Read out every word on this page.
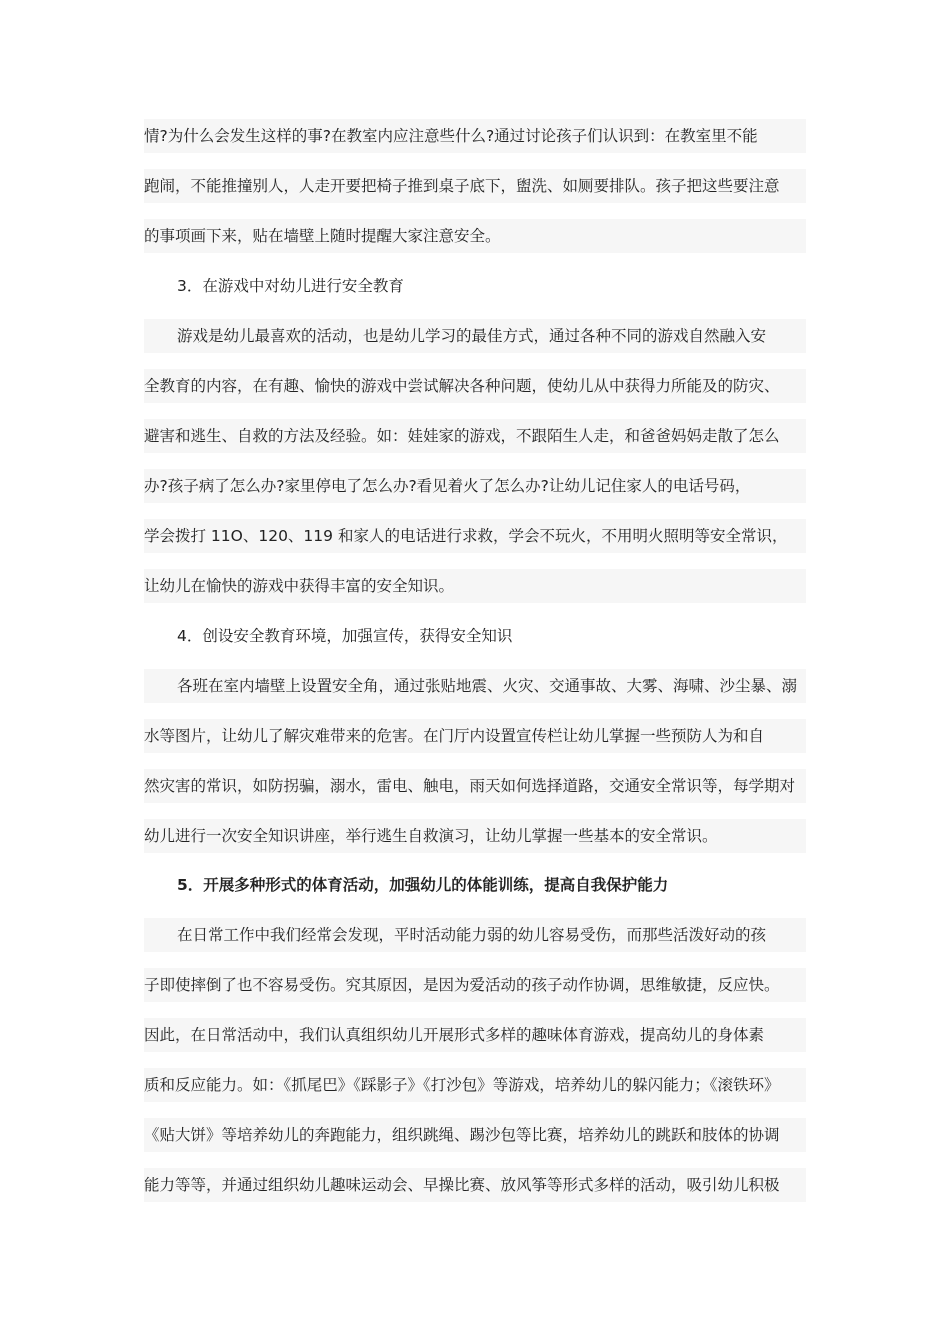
情?为什么会发生这样的事?在教室内应注意些什么?通过讨论孩子们认识到：在教室里不能
跑闹，不能推撞别人，人走开要把椅子推到桌子底下，盥洗、如厕要排队。孩子把这些要注意
的事项画下来，贴在墙壁上随时提醒大家注意安全。
3．在游戏中对幼儿进行安全教育
游戏是幼儿最喜欢的活动，也是幼儿学习的最佳方式，通过各种不同的游戏自然融入安
全教育的内容，在有趣、愉快的游戏中尝试解决各种问题，使幼儿从中获得力所能及的防灾、
避害和逃生、自救的方法及经验。如：娃娃家的游戏，不跟陌生人走，和爸爸妈妈走散了怎么
办?孩子病了怎么办?家里停电了怎么办?看见着火了怎么办?让幼儿记住家人的电话号码，
学会拨打 11O、120、119 和家人的电话进行求救，学会不玩火，不用明火照明等安全常识，
让幼儿在愉快的游戏中获得丰富的安全知识。
4．创设安全教育环境，加强宣传，获得安全知识
各班在室内墙壁上设置安全角，通过张贴地震、火灾、交通事故、大雾、海啸、沙尘暴、溺
水等图片，让幼儿了解灾难带来的危害。在门厅内设置宣传栏让幼儿掌握一些预防人为和自
然灾害的常识，如防拐骗，溺水，雷电、触电，雨天如何选择道路，交通安全常识等，每学期对
幼儿进行一次安全知识讲座，举行逃生自救演习，让幼儿掌握一些基本的安全常识。
5．开展多种形式的体育活动，加强幼儿的体能训练，提高自我保护能力
在日常工作中我们经常会发现，平时活动能力弱的幼儿容易受伤，而那些活泼好动的孩
子即使摔倒了也不容易受伤。究其原因，是因为爱活动的孩子动作协调，思维敏捷，反应快。
因此，在日常活动中，我们认真组织幼儿开展形式多样的趣味体育游戏，提高幼儿的身体素
质和反应能力。如：《抓尾巴》《踩影子》《打沙包》等游戏，培养幼儿的躲闪能力；《滚铁环》
《贴大饼》等培养幼儿的奔跑能力，组织跳绳、踢沙包等比赛，培养幼儿的跳跃和肢体的协调
能力等等，并通过组织幼儿趣味运动会、早操比赛、放风筝等形式多样的活动，吸引幼儿积极
